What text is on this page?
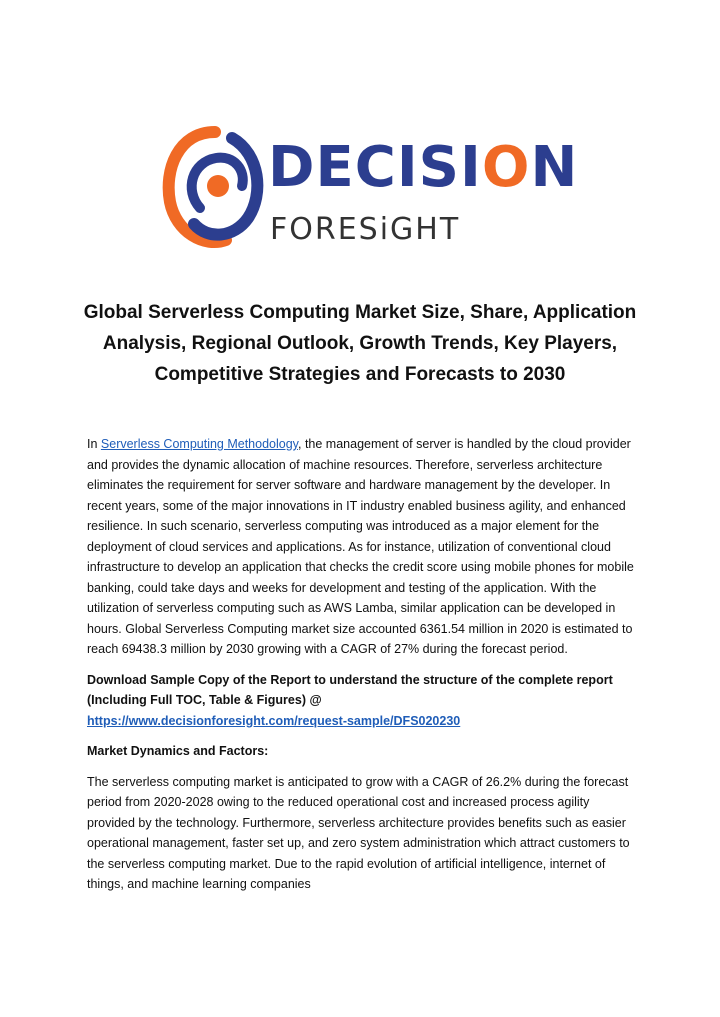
DECISION
FORESiGHT
Global Serverless Computing Market Size, Share, Application Analysis, Regional Outlook, Growth Trends, Key Players, Competitive Strategies and Forecasts to 2030

In Serverless Computing Methodology, the management of server is handled by the cloud provider and provides the dynamic allocation of machine resources. Therefore, serverless architecture eliminates the requirement for server software and hardware management by the developer. In recent years, some of the major innovations in IT industry enabled business agility, and enhanced resilience. In such scenario, serverless computing was introduced as a major element for the deployment of cloud services and applications. As for instance, utilization of conventional cloud infrastructure to develop an application that checks the credit score using mobile phones for mobile banking, could take days and weeks for development and testing of the application. With the utilization of serverless computing such as AWS Lamba, similar application can be developed in hours. Global Serverless Computing market size accounted 6361.54 million in 2020 is estimated to reach 69438.3 million by 2030 growing with a CAGR of 27% during the forecast period.

Download Sample Copy of the Report to understand the structure of the complete report (Including Full TOC, Table & Figures) @
https://www.decisionforesight.com/request-sample/DFS020230

Market Dynamics and Factors:

The serverless computing market is anticipated to grow with a CAGR of 26.2% during the forecast period from 2020-2028 owing to the reduced operational cost and increased process agility provided by the technology. Furthermore, serverless architecture provides benefits such as easier operational management, faster set up, and zero system administration which attract customers to the serverless computing market. Due to the rapid evolution of artificial intelligence, internet of things, and machine learning companies
